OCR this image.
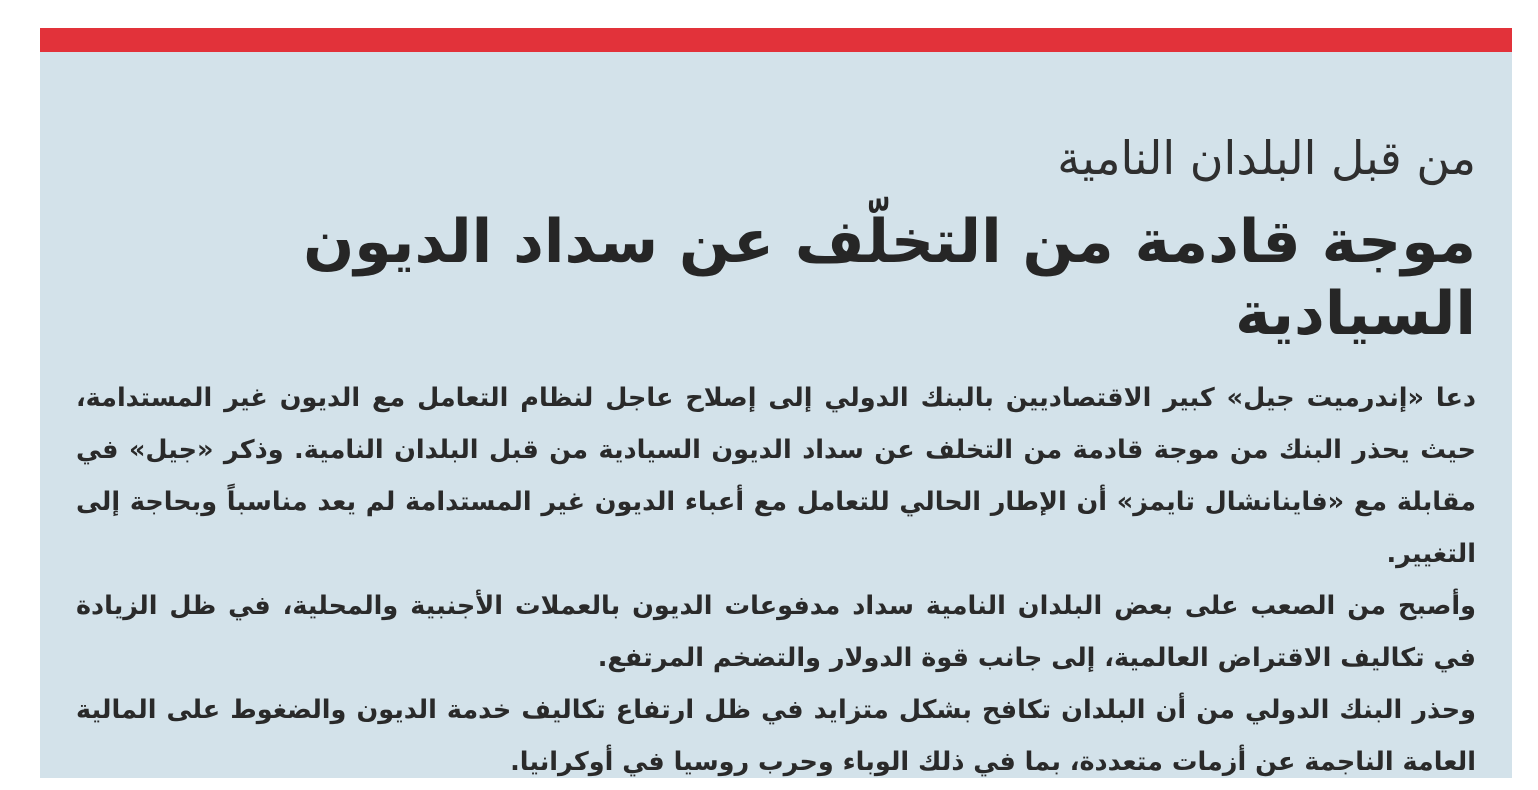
من قبل البلدان النامية
موجة قادمة من التخلّف عن سداد الديون السيادية

دعا «إندرميت جيل» كبير الاقتصاديين بالبنك الدولي إلى إصلاح عاجل لنظام التعامل مع الديون غير المستدامة، حيث يحذر البنك من موجة قادمة من التخلف عن سداد الديون السيادية من قبل البلدان النامية. وذكر «جيل» في مقابلة مع «فاينانشال تايمز» أن الإطار الحالي للتعامل مع أعباء الديون غير المستدامة لم يعد مناسباً وبحاجة إلى التغيير.

وأصبح من الصعب على بعض البلدان النامية سداد مدفوعات الديون بالعملات الأجنبية والمحلية، في ظل الزيادة في تكاليف الاقتراض العالمية، إلى جانب قوة الدولار والتضخم المرتفع.

وحذر البنك الدولي من أن البلدان تكافح بشكل متزايد في ظل ارتفاع تكاليف خدمة الديون والضغوط على المالية العامة الناجمة عن أزمات متعددة، بما في ذلك الوباء وحرب روسيا في أوكرانيا.
